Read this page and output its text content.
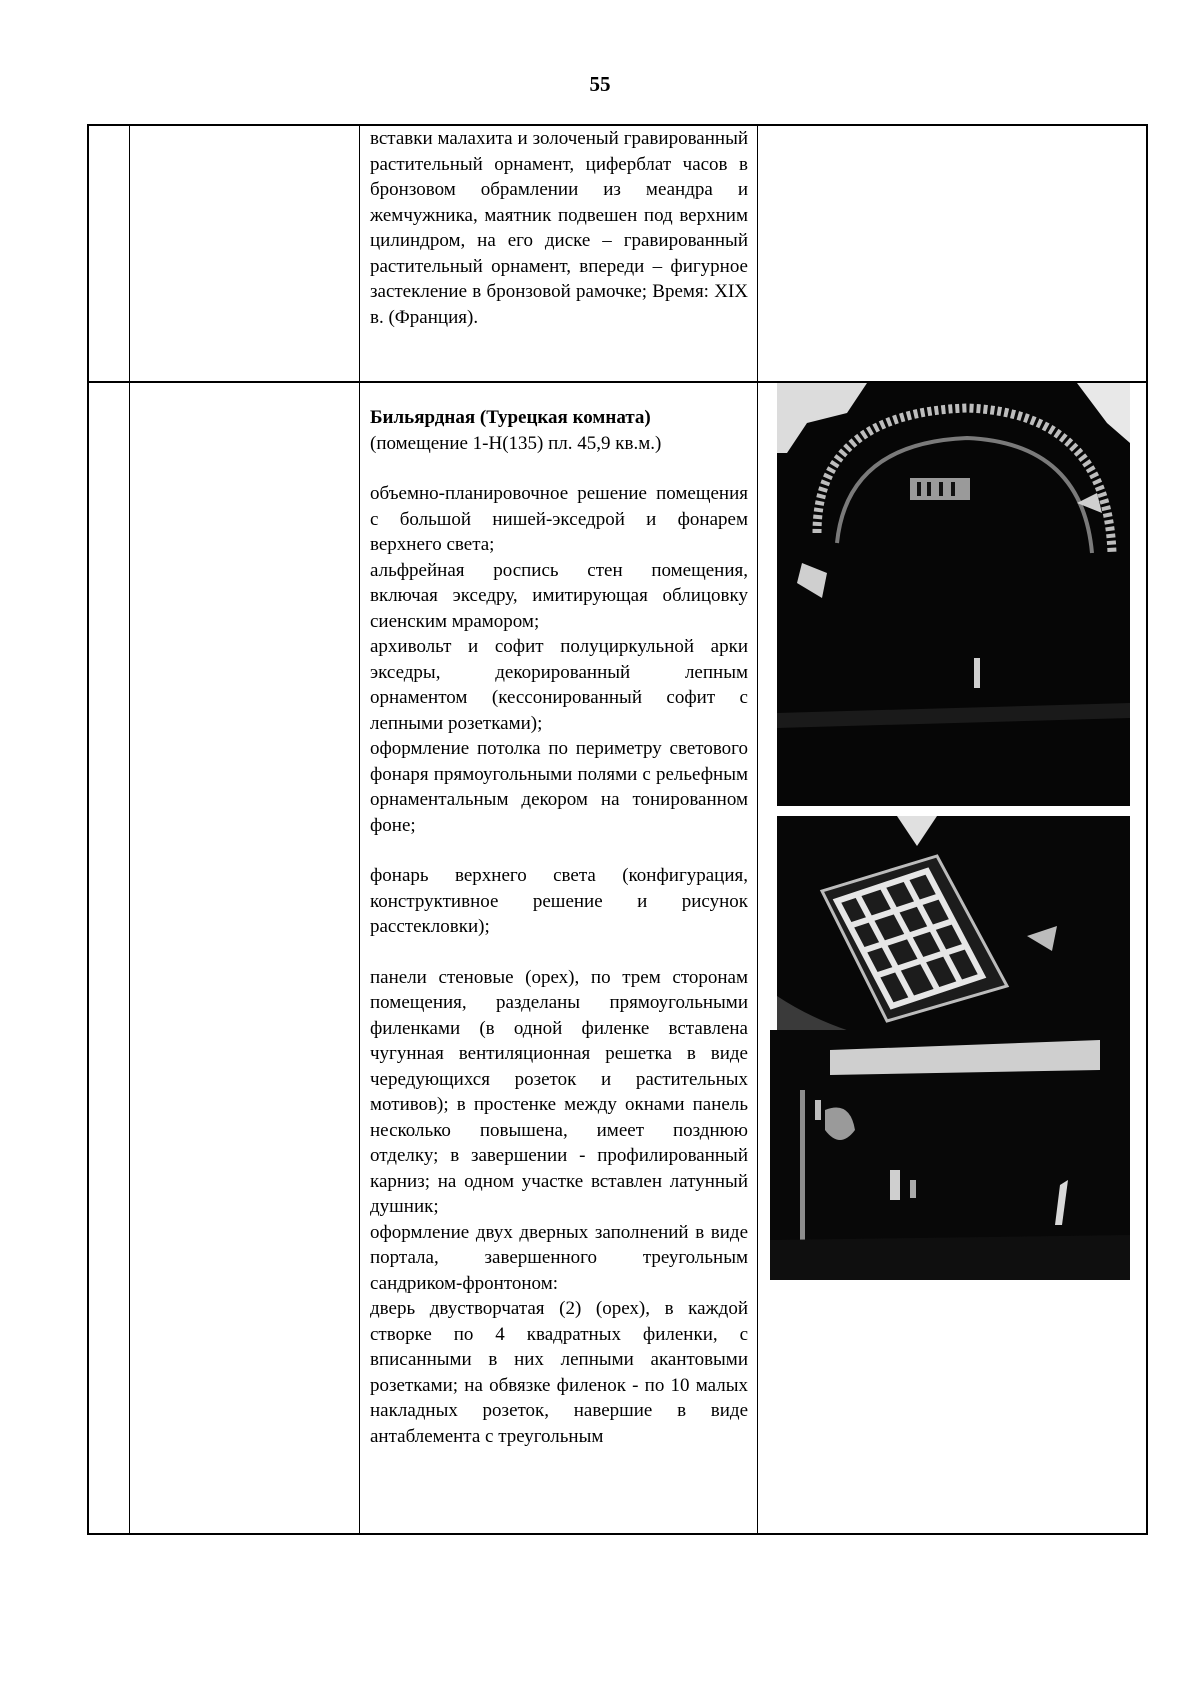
55

вставки малахита и золоченый гравированный растительный орнамент, циферблат часов в бронзовом обрамлении из меандра и жемчужника, маятник подвешен под верхним цилиндром, на его диске – гравированный растительный орнамент, впереди – фигурное застекление в бронзовой рамочке; Время: XIX в. (Франция).

Бильярдная (Турецкая комната)

(помещение 1-Н(135) пл. 45,9 кв.м.)

объемно-планировочное решение помещения с большой нишей-экседрой и фонарем верхнего света;

альфрейная роспись стен помещения, включая экседру, имитирующая облицовку сиенским мрамором;

архивольт и софит полуциркульной арки экседры, декорированный лепным орнаментом (кессонированный софит с лепными розетками);

оформление потолка по периметру светового фонаря прямоугольными полями с рельефным орнаментальным декором на тонированном фоне;

фонарь верхнего света (конфигурация, конструктивное решение и рисунок расстекловки);

панели стеновые (орех), по трем сторонам помещения, разделаны прямоугольными филенками (в одной филенке вставлена чугунная вентиляционная решетка в виде чередующихся розеток и растительных мотивов); в простенке между окнами панель несколько повышена, имеет позднюю отделку; в завершении - профилированный карниз; на одном участке вставлен латунный душник;

оформление двух дверных заполнений в виде портала, завершенного треугольным сандриком-фронтоном:

дверь двустворчатая (2) (орех), в каждой створке по 4 квадратных филенки, с вписанными в них лепными акантовыми розетками; на обвязке филенок - по 10 малых накладных розеток, навершие в виде антаблемента с треугольным
